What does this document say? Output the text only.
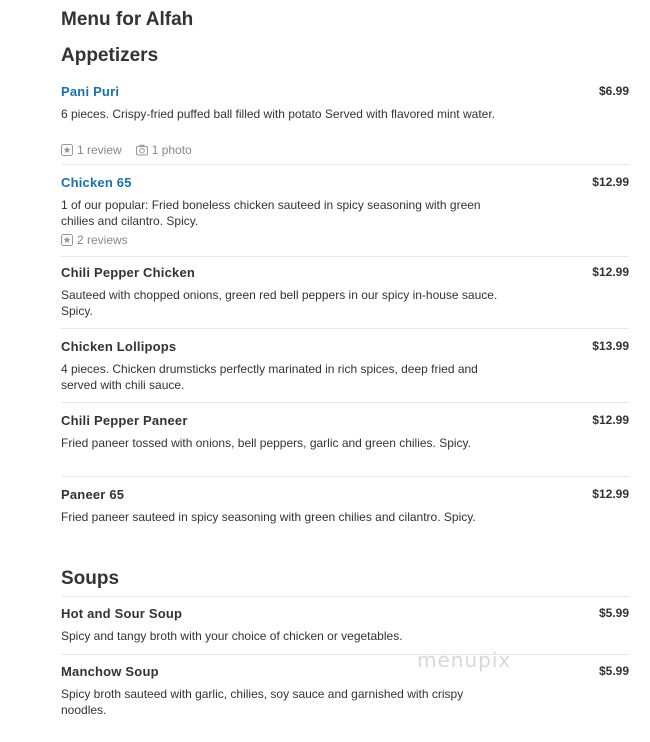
Menu for Alfah
Appetizers
Pani Puri	$6.99

6 pieces. Crispy-fried puffed ball filled with potato Served with flavored mint water.

1 review	1 photo
Chicken 65	$12.99

1 of our popular: Fried boneless chicken sauteed in spicy seasoning with green chilies and cilantro. Spicy.

2 reviews
Chili Pepper Chicken	$12.99

Sauteed with chopped onions, green red bell peppers in our spicy in-house sauce. Spicy.

Chicken Lollipops	$13.99

4 pieces. Chicken drumsticks perfectly marinated in rich spices, deep fried and served with chili sauce.

Chili Pepper Paneer	$12.99

Fried paneer tossed with onions, bell peppers, garlic and green chilies. Spicy.

Paneer 65	$12.99

Fried paneer sauteed in spicy seasoning with green chilies and cilantro. Spicy.

Soups
Hot and Sour Soup	$5.99

Spicy and tangy broth with your choice of chicken or vegetables.

Manchow Soup	$5.99

Spicy broth sauteed with garlic, chilies, soy sauce and garnished with crispy noodles.

menupix
